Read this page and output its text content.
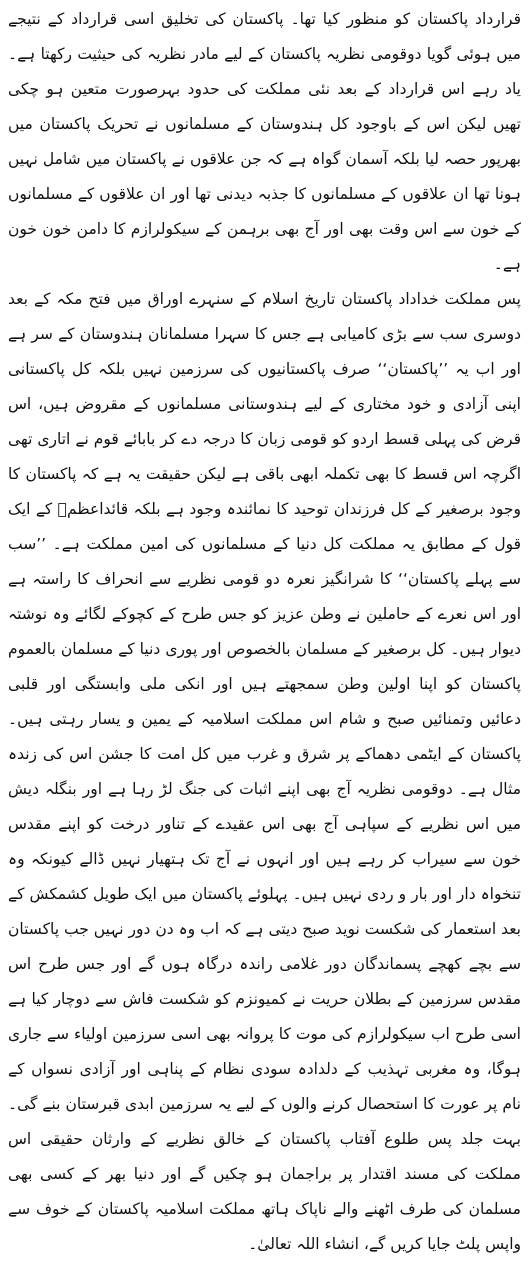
قرارداد پاکستان کو منظور کیا تھا۔ پاکستان کی تخلیق اسی قرارداد کے نتیجے میں ہوئی گویا دوقومی نظریہ پاکستان کے لیے مادر نظریہ کی حیثیت رکھتا ہے۔ یاد رہے اس قرارداد کے بعد نئی مملکت کی حدود بہرصورت متعین ہو چکی تھیں لیکن اس کے باوجود کل ہندوستان کے مسلمانوں نے تحریک پاکستان میں بھرپور حصہ لیا بلکہ آسمان گواہ ہے کہ جن علاقوں نے پاکستان میں شامل نہیں ہونا تھا ان علاقوں کے مسلمانوں کا جذبہ دیدنی تھا اور ان علاقوں کے مسلمانوں کے خون سے اس وقت بھی اور آج بھی برہمن کے سیکولرازم کا دامن خون خون ہے۔

پس مملکت خداداد پاکستان تاریخ اسلام کے سنہرے اوراق میں فتح مکہ کے بعد دوسری سب سے بڑی کامیابی ہے جس کا سہرا مسلمانان ہندوستان کے سر ہے اور اب یہ ’’پاکستان‘‘ صرف پاکستانیوں کی سرزمین نہیں بلکہ کل پاکستانی اپنی آزادی و خود مختاری کے لیے ہندوستانی مسلمانوں کے مقروض ہیں، اس قرض کی پہلی قسط اردو کو قومی زبان کا درجہ دے کر بابائے قوم نے اتاری تھی اگرچہ اس قسط کا بھی تکملہ ابھی باقی ہے لیکن حقیقت یہ ہے کہ پاکستان کا وجود برصغیر کے کل فرزندان توحید کا نمائندہ وجود ہے بلکہ قائداعظمؒ کے ایک قول کے مطابق یہ مملکت کل دنیا کے مسلمانوں کی امین مملکت ہے۔ ’’سب سے پہلے پاکستان‘‘ کا شرانگیز نعرہ دو قومی نظریے سے انحراف کا راستہ ہے اور اس نعرے کے حاملین نے وطن عزیز کو جس طرح کے کچوکے لگائے وہ نوشتہ دیوار ہیں۔ کل برصغیر کے مسلمان بالخصوص اور پوری دنیا کے مسلمان بالعموم پاکستان کو اپنا اولین وطن سمجھتے ہیں اور انکی ملی وابستگی اور قلبی دعائیں وتمنائیں صبح و شام اس مملکت اسلامیہ کے یمین و یسار رہتی ہیں۔ پاکستان کے ایٹمی دھماکے پر شرق و غرب میں کل امت کا جشن اس کی زندہ مثال ہے۔ دوقومی نظریہ آج بھی اپنے اثبات کی جنگ لڑ رہا ہے اور بنگلہ دیش میں اس نظریے کے سپاہی آج بھی اس عقیدے کے تناور درخت کو اپنے مقدس خون سے سیراب کر رہے ہیں اور انہوں نے آج تک ہتھیار نہیں ڈالے کیونکہ وہ تنخواہ دار اور بار و ردی نہیں ہیں۔ پہلوئے پاکستان میں ایک طویل کشمکش کے بعد استعمار کی شکست نوید صبح دیتی ہے کہ اب وہ دن دور نہیں جب پاکستان سے بچے کھچے پسماندگان دور غلامی راندہ درگاہ ہوں گے اور جس طرح اس مقدس سرزمین کے بطلان حریت نے کمیونزم کو شکست فاش سے دوچار کیا ہے اسی طرح اب سیکولرازم کی موت کا پروانہ بھی اسی سرزمین اولیاء سے جاری ہوگا، وہ مغربی تہذیب کے دلدادہ سودی نظام کے پناہی اور آزادی نسواں کے نام پر عورت کا استحصال کرنے والوں کے لیے یہ سرزمین ابدی قبرستان بنے گی۔ بہت جلد پس طلوع آفتاب پاکستان کے خالق نظریے کے وارثان حقیقی اس مملکت کی مسند اقتدار پر براجمان ہو چکیں گے اور دنیا بھر کے کسی بھی مسلمان کی طرف اٹھنے والے ناپاک ہاتھ مملکت اسلامیہ پاکستان کے خوف سے واپس پلٹ جایا کریں گے، انشاء اللہ تعالیٰ۔
